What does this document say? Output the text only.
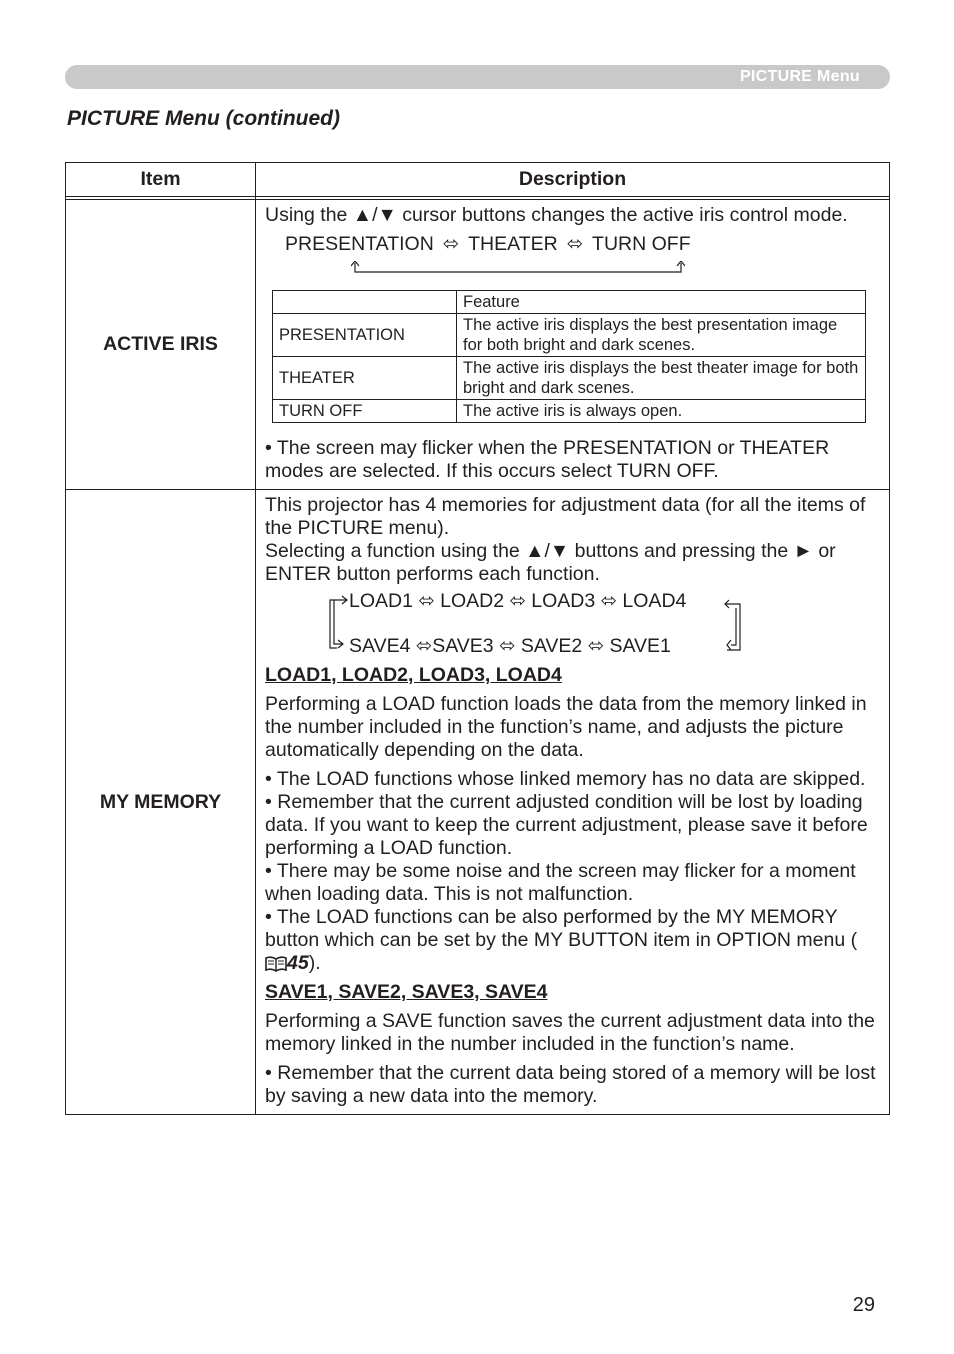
PICTURE Menu
PICTURE Menu (continued)
Item	Description

ACTIVE IRIS	

Using the ▲/▼ cursor buttons changes the active iris control mode.

PRESENTATION ⬄ THEATER ⬄ TURN OFF
	Feature
PRESENTATION	The active iris displays the best presentation image for both bright and dark scenes.
THEATER	The active iris displays the best theater image for both bright and dark scenes.
TURN OFF	The active iris is always open.

• The screen may flicker when the PRESENTATION or THEATER modes are selected. If this occurs select TURN OFF.

MY MEMORY	

This projector has 4 memories for adjustment data (for all the items of the PICTURE menu).

Selecting a function using the ▲/▼ buttons and pressing the ► or ENTER button performs each function.

LOAD1 ⬄ LOAD2 ⬄ LOAD3 ⬄ LOAD4
SAVE4 ⬄SAVE3 ⬄ SAVE2 ⬄ SAVE1

LOAD1, LOAD2, LOAD3, LOAD4

Performing a LOAD function loads the data from the memory linked in the number included in the function’s name, and adjusts the picture automatically depending on the data.

• The LOAD functions whose linked memory has no data are skipped.

• Remember that the current adjusted condition will be lost by loading data. If you want to keep the current adjustment, please save it before performing a LOAD function.

• There may be some noise and the screen may flicker for a moment when loading data. This is not malfunction.

• The LOAD functions can be also performed by the MY MEMORY button which can be set by the MY BUTTON item in OPTION menu (45).

SAVE1, SAVE2, SAVE3, SAVE4

Performing a SAVE function saves the current adjustment data into the memory linked in the number included in the function’s name.

• Remember that the current data being stored of a memory will be lost by saving a new data into the memory.

29
